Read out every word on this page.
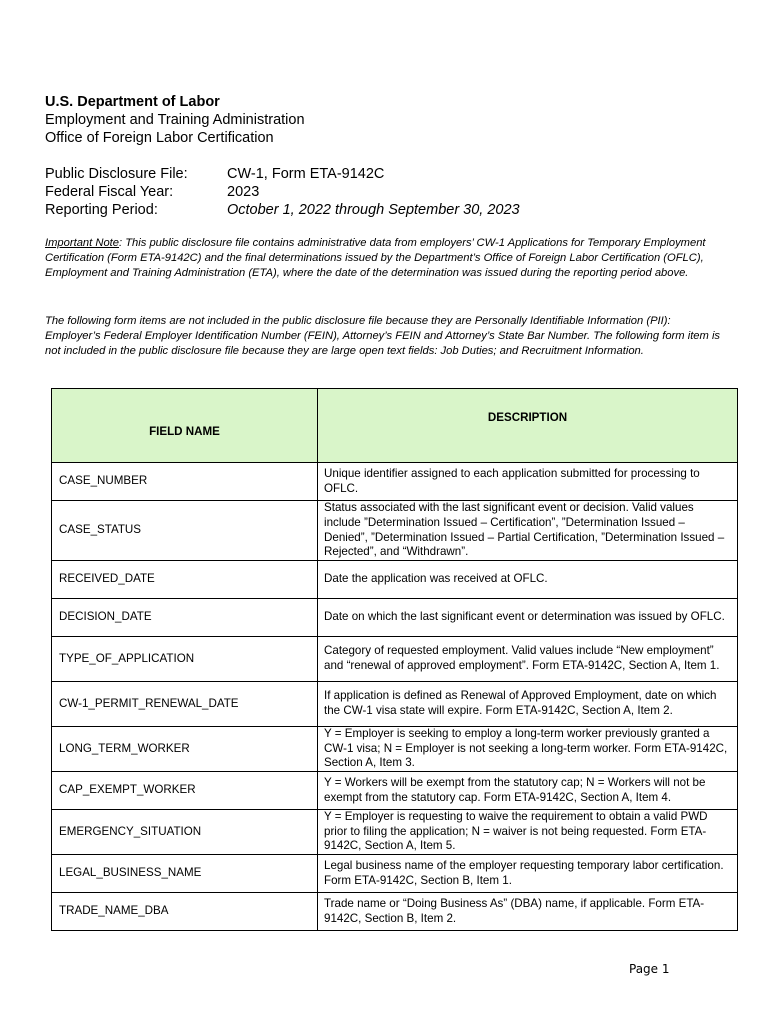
U.S. Department of Labor
Employment and Training Administration
Office of Foreign Labor Certification
Public Disclosure File:	CW-1, Form ETA-9142C
Federal Fiscal Year:	2023
Reporting Period:	October 1, 2022 through September 30, 2023
Important Note: This public disclosure file contains administrative data from employers’ CW-1 Applications for Temporary Employment Certification (Form ETA-9142C) and the final determinations issued by the Department’s Office of Foreign Labor Certification (OFLC), Employment and Training Administration (ETA), where the date of the determination was issued during the reporting period above.
The following form items are not included in the public disclosure file because they are Personally Identifiable Information (PII): Employer’s Federal Employer Identification Number (FEIN), Attorney’s FEIN and Attorney’s State Bar Number. The following form item is not included in the public disclosure file because they are large open text fields: Job Duties; and Recruitment Information.
FIELD NAME	DESCRIPTION
CASE_NUMBER	Unique identifier assigned to each application submitted for processing to OFLC.
CASE_STATUS	Status associated with the last significant event or decision. Valid values include ”Determination Issued – Certification”, ”Determination Issued – Denied”, ”Determination Issued – Partial Certification, ”Determination Issued – Rejected”, and “Withdrawn”.
RECEIVED_DATE	Date the application was received at OFLC.
DECISION_DATE	Date on which the last significant event or determination was issued by OFLC.
TYPE_OF_APPLICATION	Category of requested employment. Valid values include “New employment” and “renewal of approved employment”. Form ETA-9142C, Section A, Item 1.
CW-1_PERMIT_RENEWAL_DATE	If application is defined as Renewal of Approved Employment, date on which the CW-1 visa state will expire. Form ETA-9142C, Section A, Item 2.
LONG_TERM_WORKER	Y = Employer is seeking to employ a long-term worker previously granted a CW-1 visa; N = Employer is not seeking a long-term worker. Form ETA-9142C, Section A, Item 3.
CAP_EXEMPT_WORKER	Y = Workers will be exempt from the statutory cap; N = Workers will not be exempt from the statutory cap. Form ETA-9142C, Section A, Item 4.
EMERGENCY_SITUATION	Y = Employer is requesting to waive the requirement to obtain a valid PWD prior to filing the application; N = waiver is not being requested. Form ETA-9142C, Section A, Item 5.
LEGAL_BUSINESS_NAME	Legal business name of the employer requesting temporary labor certification. Form ETA-9142C, Section B, Item 1.
TRADE_NAME_DBA	Trade name or “Doing Business As” (DBA) name, if applicable. Form ETA-9142C, Section B, Item 2.
Page 1
